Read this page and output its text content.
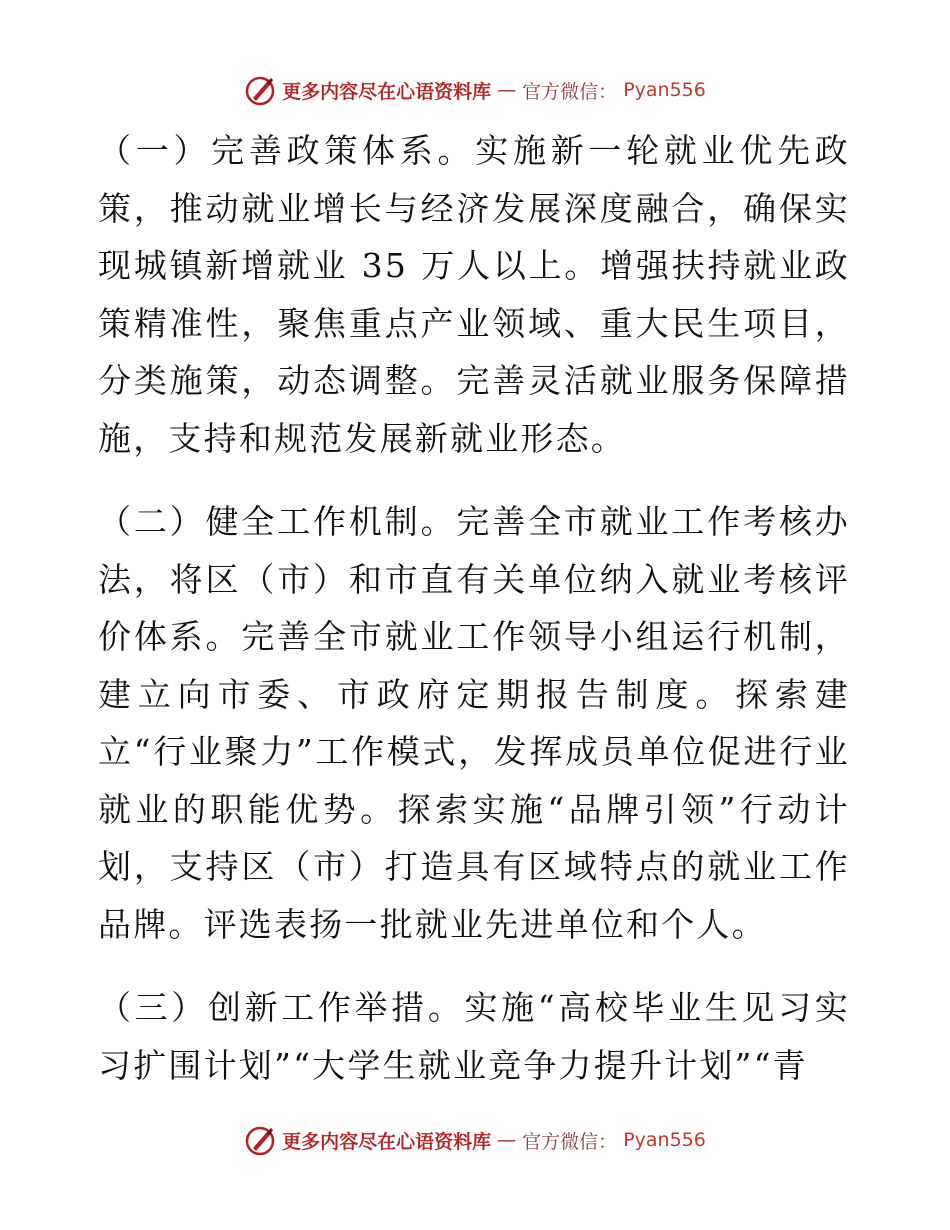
更多内容尽在心语资料库 — 官方微信： Pyan556

（一）完善政策体系。实施新一轮就业优先政策，推动就业增长与经济发展深度融合，确保实现城镇新增就业 35 万人以上。增强扶持就业政策精准性，聚焦重点产业领域、重大民生项目，分类施策，动态调整。完善灵活就业服务保障措施，支持和规范发展新就业形态。

（二）健全工作机制。完善全市就业工作考核办法，将区（市）和市直有关单位纳入就业考核评价体系。完善全市就业工作领导小组运行机制，建立向市委、市政府定期报告制度。探索建立“行业聚力”工作模式，发挥成员单位促进行业就业的职能优势。探索实施“品牌引领”行动计划，支持区（市）打造具有区域特点的就业工作品牌。评选表扬一批就业先进单位和个人。

（三）创新工作举措。实施“高校毕业生见习实习扩围计划”“大学生就业竞争力提升计划”“青

更多内容尽在心语资料库 — 官方微信： Pyan556
